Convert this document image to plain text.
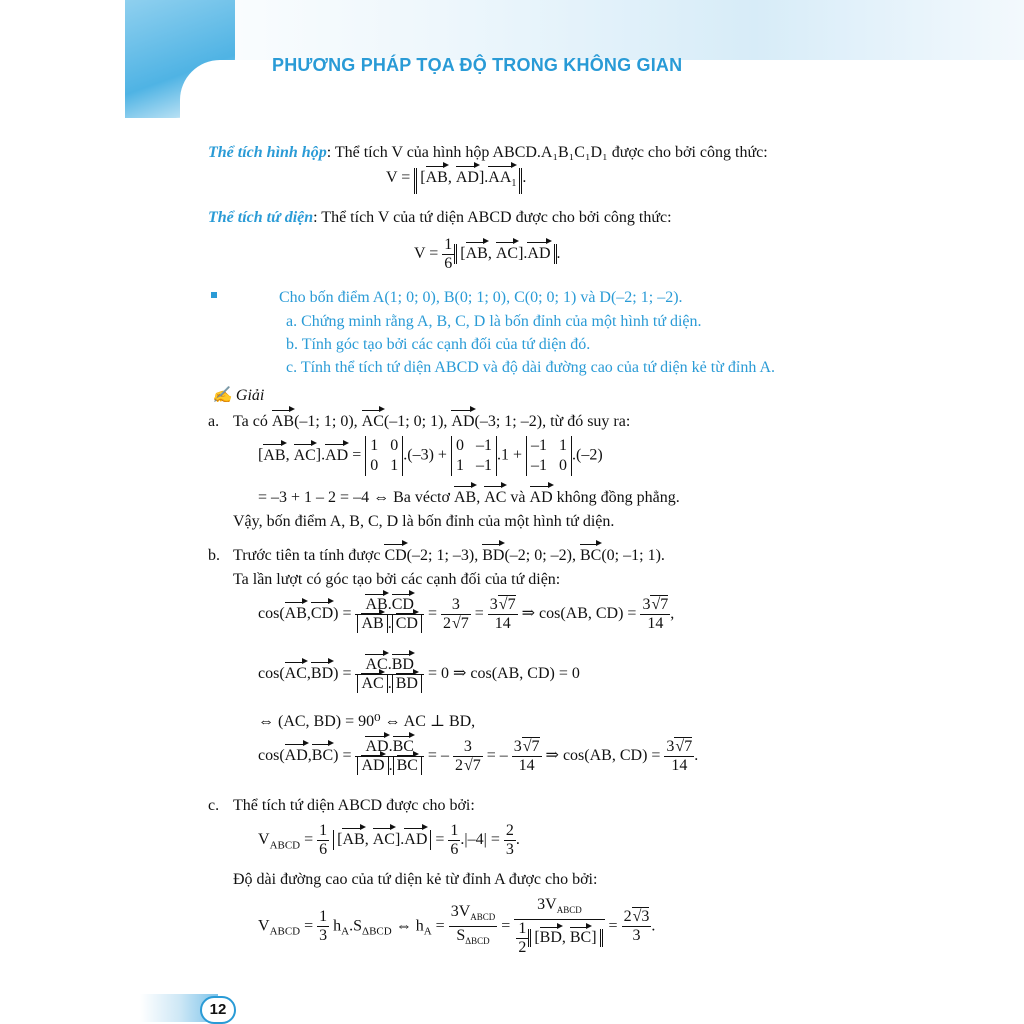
PHƯƠNG PHÁP TỌA ĐỘ TRONG KHÔNG GIAN
Thể tích hình hộp: Thể tích V của hình hộp ABCD.A₁B₁C₁D₁ được cho bởi công thức:
V = [AB, $AD].AA_1$ .
Thể tích tứ diện: Thể tích V của tứ diện ABCD được cho bởi công thức:
$V = \frac{1}{6} [AB$, AC].AD .
Cho bốn điểm A(1; 0; 0), B(0; 1; 0), C(0; 0; 1) và D(–2; 1; –2).
a. Chứng minh rằng A, B, C, D là bốn đỉnh của một hình tứ diện.
b. Tính góc tạo bởi các cạnh đối của tứ diện đó.
c. Tính thể tích tứ diện ABCD và độ dài đường cao của tứ diện kẻ từ đỉnh A.
✍ Giải
a. Ta có AB(–1; 1; 0), AC(–1; 0; 1), AD(–3; 1; –2), từ đó suy ra:
[AB, AC].AD =
1   0
0   1
.(–3) +
0   –1
1   –1
.1 +
–1   1
–1   0
.(–2)
= –3 + 1 – 2 = –4 ⇔ Ba véctơ AB, AC và AD không đồng phẳng.
Vậy, bốn điểm A, B, C, D là bốn đỉnh của một hình tứ diện.
b. Trước tiên ta tính được CD(–2; 1; –3), BD(–2; 0; –2), BC(0; –1; 1).
Ta lần lượt có góc tạo bởi các cạnh đối của tứ diện:
$\cos(AB,CD) = \frac{AB.CD}{AB . CD} = \frac{3}{2√7} = \frac{3√7}{14}$ ⇒ cos(AB, $CD) = \frac{3√7}{14}$ ,
$\cos(AC,BD) = \frac{AC.BD}{AC . BD} = 0$ ⇒ cos(AB, CD) = 0
⇔ (AC, BD) = 90⁰ ⇔ AC ⊥ BD,
$\cos(AD,BC) = \frac{AD.BC}{AD . BC}$ = – $\frac{3}{2√7}$ = – $\frac{3√7}{14}$ ⇒ cos(AB, $CD) = \frac{3√7}{14}$ .
c. Thể tích tứ diện ABCD được cho bởi:
$V_{ABCD} = \frac{1}{6} [AB$, $AC].AD = \frac{1}{6} .|-4| = \frac{2}{3}$ .
Độ dài đường cao của tứ diện kẻ từ đỉnh A được cho bởi:
$V_{ABCD} = \frac{1}{3} h_A.S_{\Delta BCD}$ ⇔ $h_A = \frac{3V_{ABCD}}{S_{\Delta BCD}} = \frac{3V_{ABCD}}{\frac{1}{2} [BD, BC]} = \frac{2√3}{3}$ .
12
